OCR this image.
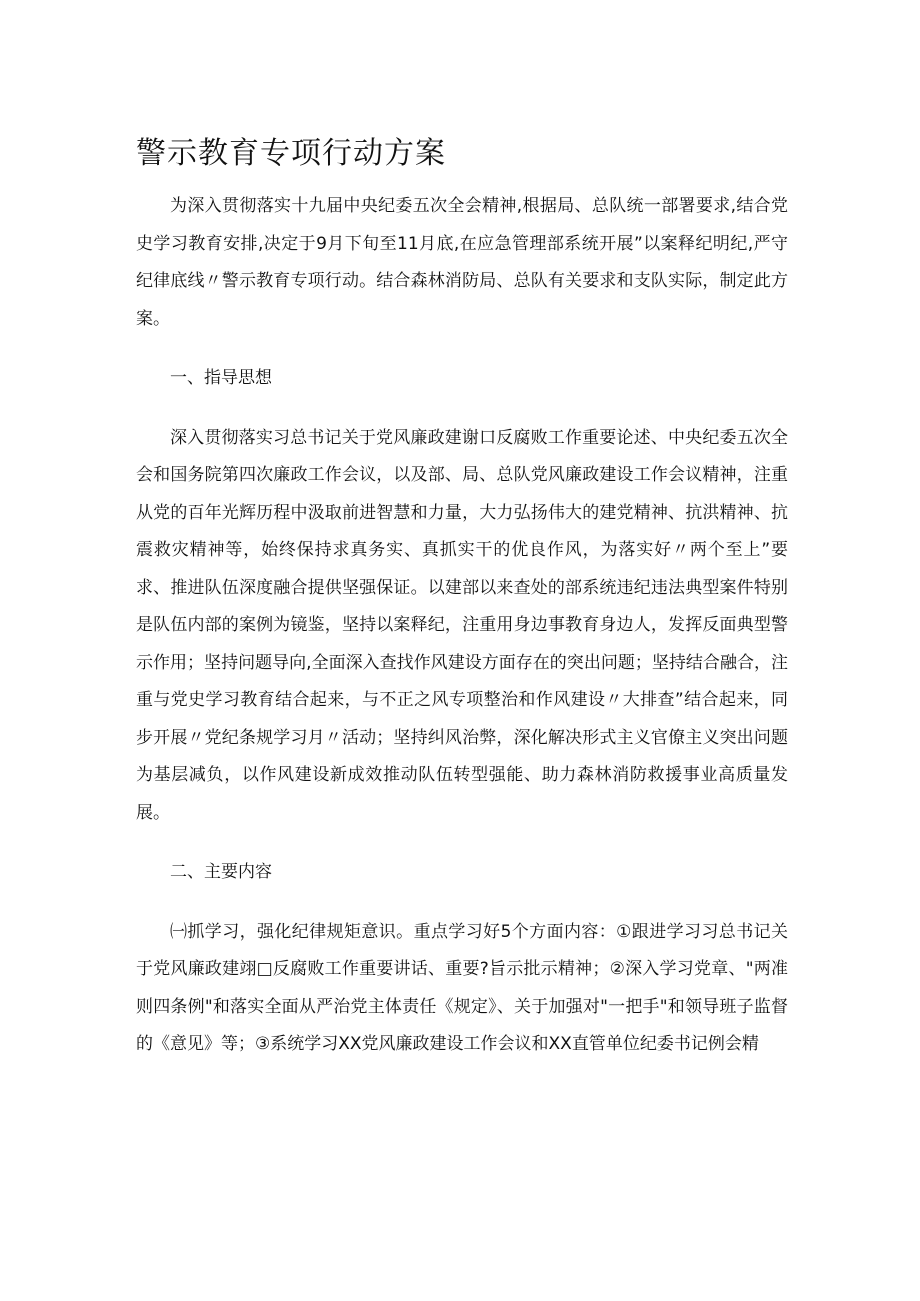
警示教育专项行动方案

为深入贯彻落实十九届中央纪委五次全会精神,根据局、总队统一部署要求,结合党史学习教育安排,决定于9月下旬至11月底,在应急管理部系统开展”以案释纪明纪,严守纪律底线〃警示教育专项行动。结合森林消防局、总队有关要求和支队实际，制定此方案。

一、指导思想

深入贯彻落实习总书记关于党风廉政建谢口反腐败工作重要论述、中央纪委五次全会和国务院第四次廉政工作会议，以及部、局、总队党风廉政建设工作会议精神，注重从党的百年光辉历程中汲取前进智慧和力量，大力弘扬伟大的建党精神、抗洪精神、抗震救灾精神等，始终保持求真务实、真抓实干的优良作风，为落实好〃两个至上”要求、推进队伍深度融合提供坚强保证。以建部以来查处的部系统违纪违法典型案件特别是队伍内部的案例为镜鉴，坚持以案释纪，注重用身边事教育身边人，发挥反面典型警示作用；坚持问题导向,全面深入查找作风建设方面存在的突出问题；坚持结合融合，注重与党史学习教育结合起来，与不正之风专项整治和作风建设〃大排查”结合起来，同步开展〃党纪条规学习月〃活动；坚持纠风治弊，深化解决形式主义官僚主义突出问题为基层减负，以作风建设新成效推动队伍转型强能、助力森林消防救援事业高质量发展。

二、主要内容

㈠抓学习，强化纪律规矩意识。重点学习好5个方面内容：①跟进学习习总书记关于党风廉政建翊□反腐败工作重要讲话、重要?旨示批示精神；②深入学习党章、"两准则四条例"和落实全面从严治党主体责任《规定》、关于加强对"一把手"和领导班子监督的《意见》等；③系统学习XX党风廉政建设工作会议和XX直管单位纪委书记例会精
